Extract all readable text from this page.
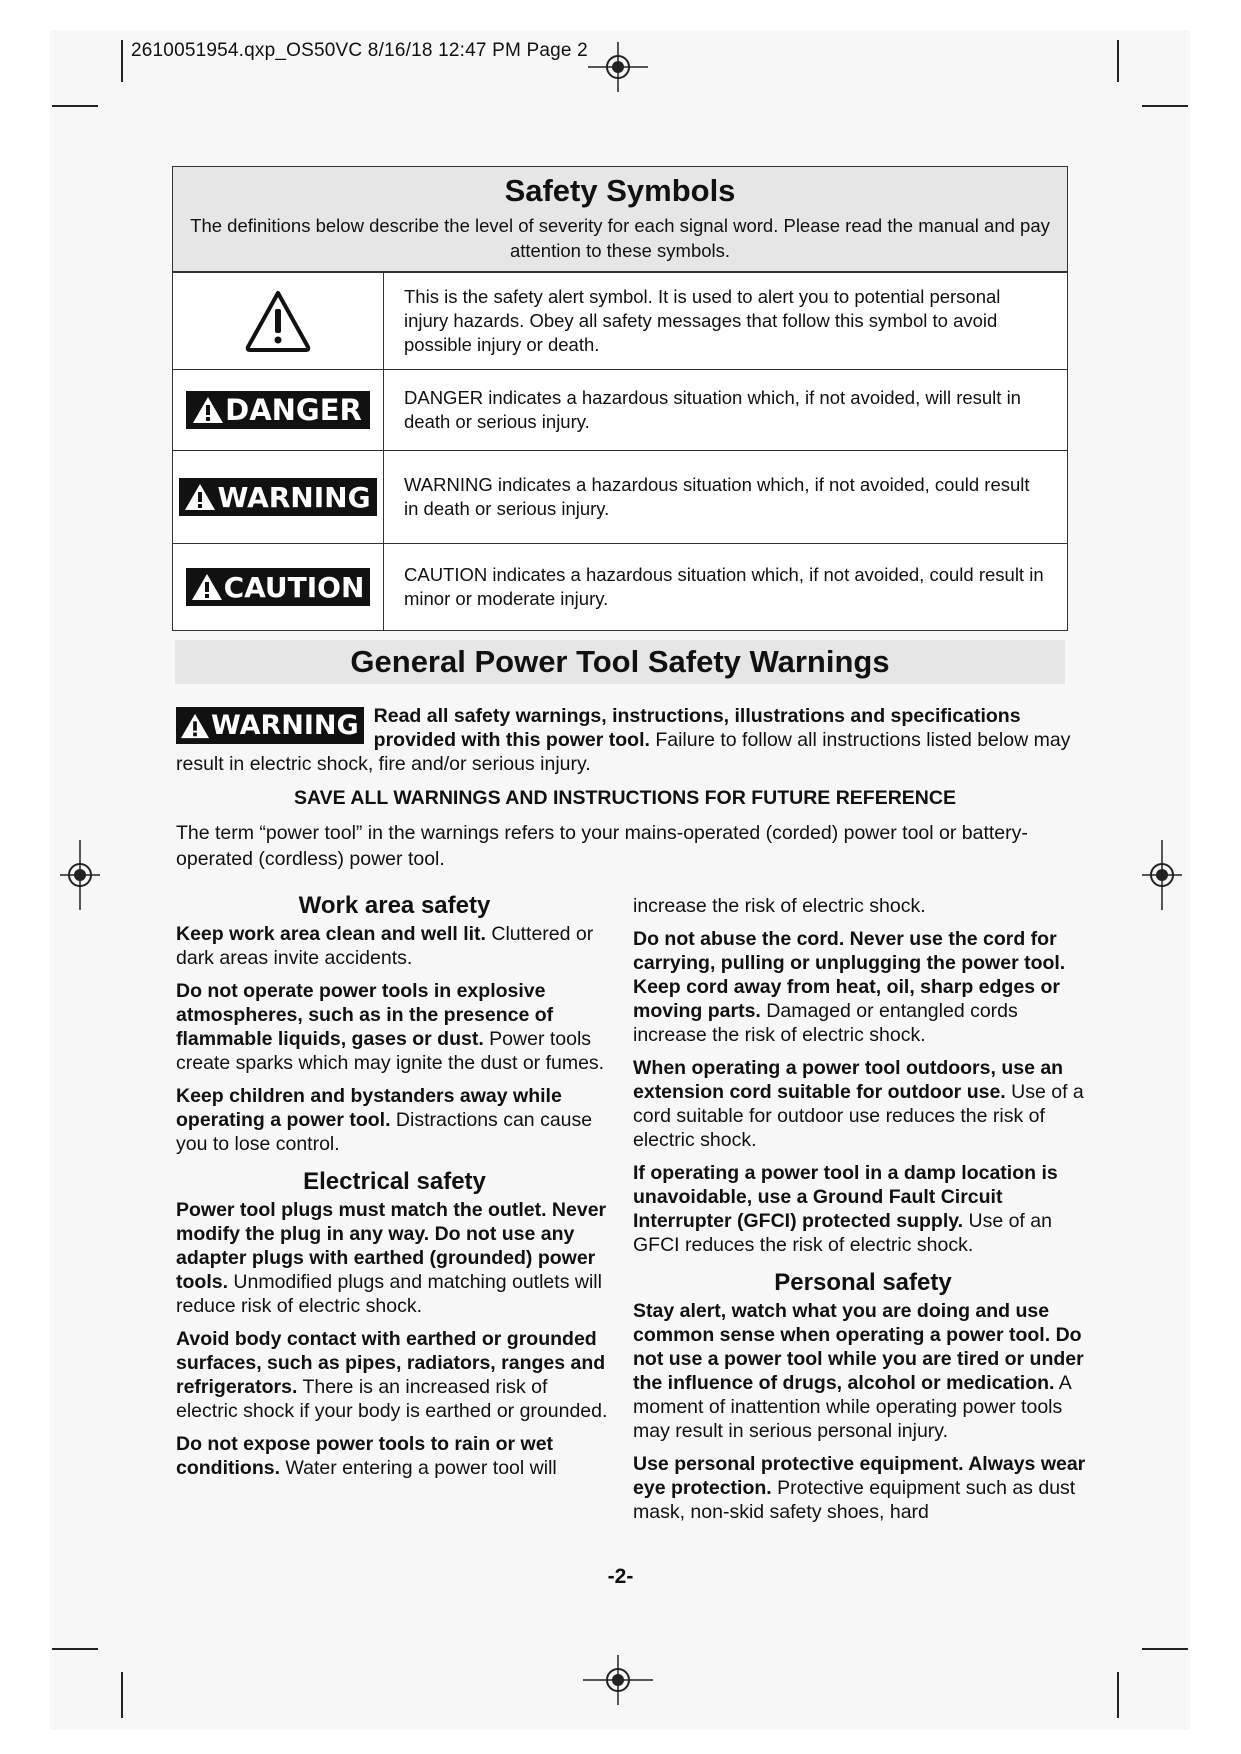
2610051954.qxp_OS50VC 8/16/18 12:47 PM Page 2
Safety Symbols
The definitions below describe the level of severity for each signal word. Please read the manual and pay attention to these symbols.
This is the safety alert symbol. It is used to alert you to potential personal injury hazards. Obey all safety messages that follow this symbol to avoid possible injury or death.
DANGER	DANGER indicates a hazardous situation which, if not avoided, will result in death or serious injury.
WARNING	WARNING indicates a hazardous situation which, if not avoided, could result in death or serious injury.
CAUTION	CAUTION indicates a hazardous situation which, if not avoided, could result in minor or moderate injury.
General Power Tool Safety Warnings
WARNING Read all safety warnings, instructions, illustrations and specifications provided with this power tool. Failure to follow all instructions listed below may result in electric shock, fire and/or serious injury.
SAVE ALL WARNINGS AND INSTRUCTIONS FOR FUTURE REFERENCE
The term “power tool” in the warnings refers to your mains-operated (corded) power tool or battery-operated (cordless) power tool.
Work area safety

Keep work area clean and well lit. Cluttered or dark areas invite accidents.

Do not operate power tools in explosive atmospheres, such as in the presence of flammable liquids, gases or dust. Power tools create sparks which may ignite the dust or fumes.

Keep children and bystanders away while operating a power tool. Distractions can cause you to lose control.

Electrical safety

Power tool plugs must match the outlet. Never modify the plug in any way. Do not use any adapter plugs with earthed (grounded) power tools. Unmodified plugs and matching outlets will reduce risk of electric shock.

Avoid body contact with earthed or grounded surfaces, such as pipes, radiators, ranges and refrigerators. There is an increased risk of electric shock if your body is earthed or grounded.

Do not expose power tools to rain or wet conditions. Water entering a power tool will

increase the risk of electric shock.

Do not abuse the cord. Never use the cord for carrying, pulling or unplugging the power tool. Keep cord away from heat, oil, sharp edges or moving parts. Damaged or entangled cords increase the risk of electric shock.

When operating a power tool outdoors, use an extension cord suitable for outdoor use. Use of a cord suitable for outdoor use reduces the risk of electric shock.

If operating a power tool in a damp location is unavoidable, use a Ground Fault Circuit Interrupter (GFCI) protected supply. Use of an GFCI reduces the risk of electric shock.

Personal safety

Stay alert, watch what you are doing and use common sense when operating a power tool. Do not use a power tool while you are tired or under the influence of drugs, alcohol or medication. A moment of inattention while operating power tools may result in serious personal injury.

Use personal protective equipment. Always wear eye protection. Protective equipment such as dust mask, non-skid safety shoes, hard

-2-
